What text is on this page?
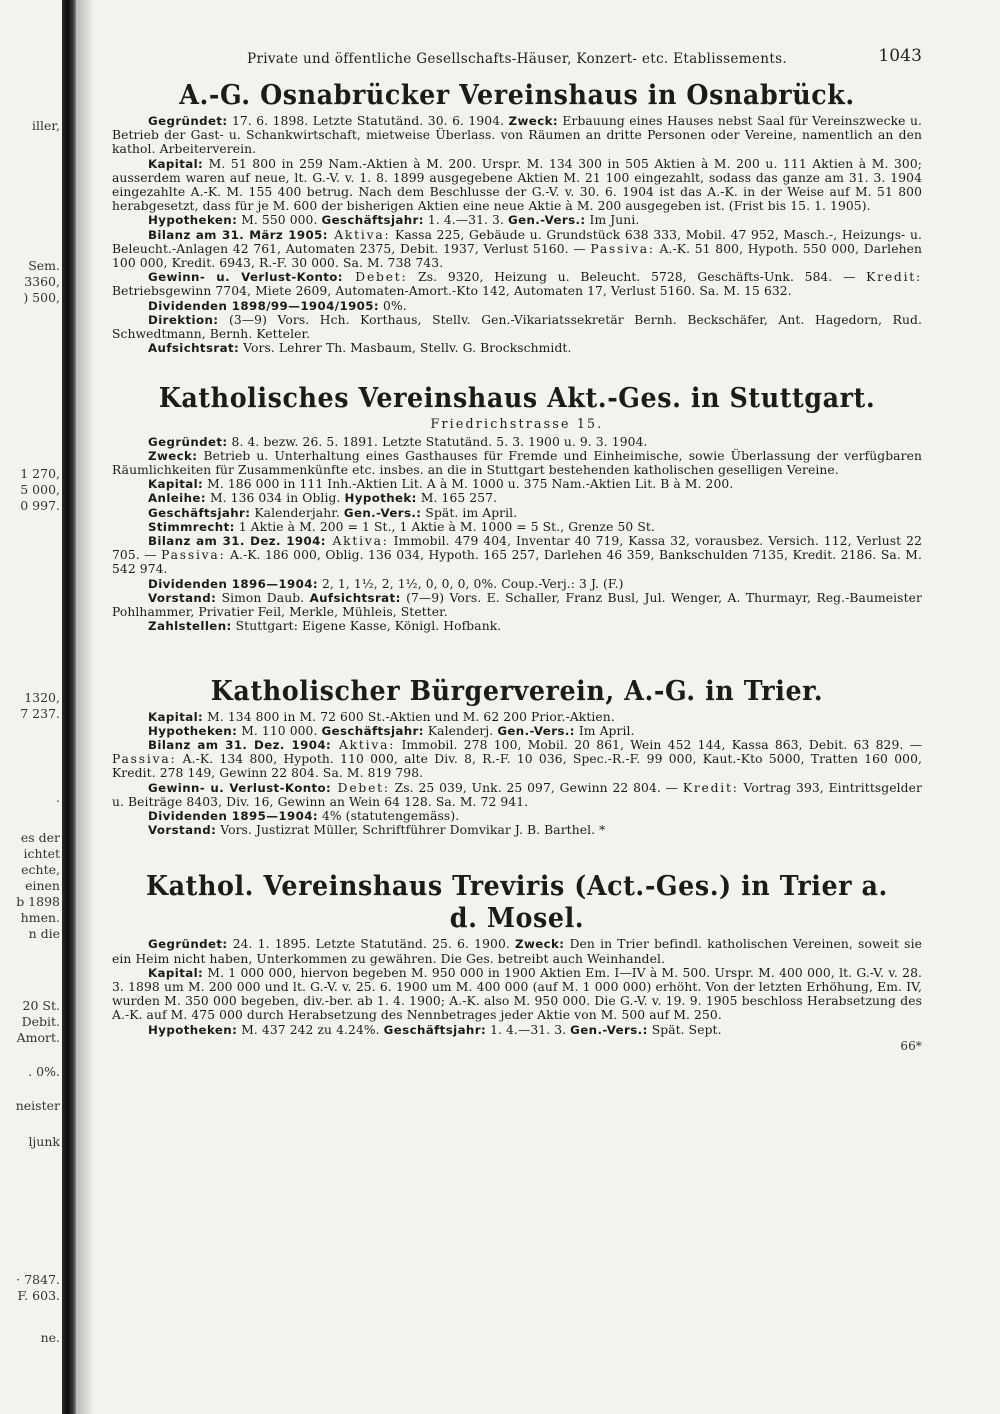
iller,
Sem.
3360,
) 500,
1 270,
5 000,
0 997.
1320,
7 237.
.
es der
ichtet
echte,
einen
b 1898
hmen.
n die
20 St.
Debit.
Amort.
. 0%.
neister
ljunk
· 7847.
F. 603.
ne.
Private und öffentliche Gesellschafts-Häuser, Konzert- etc. Etablissements.	1043
A.-G. Osnabrücker Vereinshaus in Osnabrück.

Gegründet: 17. 6. 1898. Letzte Statutänd. 30. 6. 1904. Zweck: Erbauung eines Hauses nebst Saal für Vereinszwecke u. Betrieb der Gast- u. Schankwirtschaft, mietweise Überlass. von Räumen an dritte Personen oder Vereine, namentlich an den kathol. Arbeiterverein.

Kapital: M. 51 800 in 259 Nam.-Aktien à M. 200. Urspr. M. 134 300 in 505 Aktien à M. 200 u. 111 Aktien à M. 300; ausserdem waren auf neue, lt. G.-V. v. 1. 8. 1899 ausgegebene Aktien M. 21 100 eingezahlt, sodass das ganze am 31. 3. 1904 eingezahlte A.-K. M. 155 400 betrug. Nach dem Beschlusse der G.-V. v. 30. 6. 1904 ist das A.-K. in der Weise auf M. 51 800 herabgesetzt, dass für je M. 600 der bisherigen Aktien eine neue Aktie à M. 200 ausgegeben ist. (Frist bis 15. 1. 1905).

Hypotheken: M. 550 000. Geschäftsjahr: 1. 4.—31. 3. Gen.-Vers.: Im Juni.

Bilanz am 31. März 1905: Aktiva: Kassa 225, Gebäude u. Grundstück 638 333, Mobil. 47 952, Masch.-, Heizungs- u. Beleucht.-Anlagen 42 761, Automaten 2375, Debit. 1937, Verlust 5160. — Passiva: A.-K. 51 800, Hypoth. 550 000, Darlehen 100 000, Kredit. 6943, R.-F. 30 000. Sa. M. 738 743.

Gewinn- u. Verlust-Konto: Debet: Zs. 9320, Heizung u. Beleucht. 5728, Geschäfts-Unk. 584. — Kredit: Betriebsgewinn 7704, Miete 2609, Automaten-Amort.-Kto 142, Automaten 17, Verlust 5160. Sa. M. 15 632.

Dividenden 1898/99—1904/1905: 0%.

Direktion: (3—9) Vors. Hch. Korthaus, Stellv. Gen.-Vikariatssekretär Bernh. Beckschäfer, Ant. Hagedorn, Rud. Schwedtmann, Bernh. Ketteler.

Aufsichtsrat: Vors. Lehrer Th. Masbaum, Stellv. G. Brockschmidt.

Katholisches Vereinshaus Akt.-Ges. in Stuttgart.
Friedrichstrasse 15.

Gegründet: 8. 4. bezw. 26. 5. 1891. Letzte Statutänd. 5. 3. 1900 u. 9. 3. 1904.

Zweck: Betrieb u. Unterhaltung eines Gasthauses für Fremde und Einheimische, sowie Überlassung der verfügbaren Räumlichkeiten für Zusammenkünfte etc. insbes. an die in Stuttgart bestehenden katholischen geselligen Vereine.

Kapital: M. 186 000 in 111 Inh.-Aktien Lit. A à M. 1000 u. 375 Nam.-Aktien Lit. B à M. 200.

Anleihe: M. 136 034 in Oblig. Hypothek: M. 165 257.

Geschäftsjahr: Kalenderjahr. Gen.-Vers.: Spät. im April.

Stimmrecht: 1 Aktie à M. 200 = 1 St., 1 Aktie à M. 1000 = 5 St., Grenze 50 St.

Bilanz am 31. Dez. 1904: Aktiva: Immobil. 479 404, Inventar 40 719, Kassa 32, vorausbez. Versich. 112, Verlust 22 705. — Passiva: A.-K. 186 000, Oblig. 136 034, Hypoth. 165 257, Darlehen 46 359, Bankschulden 7135, Kredit. 2186. Sa. M. 542 974.

Dividenden 1896—1904: 2, 1, 1½, 2, 1½, 0, 0, 0, 0%. Coup.-Verj.: 3 J. (F.)

Vorstand: Simon Daub. Aufsichtsrat: (7—9) Vors. E. Schaller, Franz Busl, Jul. Wenger, A. Thurmayr, Reg.-Baumeister Pohlhammer, Privatier Feil, Merkle, Mühleis, Stetter.

Zahlstellen: Stuttgart: Eigene Kasse, Königl. Hofbank.

Katholischer Bürgerverein, A.-G. in Trier.

Kapital: M. 134 800 in M. 72 600 St.-Aktien und M. 62 200 Prior.-Aktien.

Hypotheken: M. 110 000. Geschäftsjahr: Kalenderj. Gen.-Vers.: Im April.

Bilanz am 31. Dez. 1904: Aktiva: Immobil. 278 100, Mobil. 20 861, Wein 452 144, Kassa 863, Debit. 63 829. — Passiva: A.-K. 134 800, Hypoth. 110 000, alte Div. 8, R.-F. 10 036, Spec.-R.-F. 99 000, Kaut.-Kto 5000, Tratten 160 000, Kredit. 278 149, Gewinn 22 804. Sa. M. 819 798.

Gewinn- u. Verlust-Konto: Debet: Zs. 25 039, Unk. 25 097, Gewinn 22 804. — Kredit: Vortrag 393, Eintrittsgelder u. Beiträge 8403, Div. 16, Gewinn an Wein 64 128. Sa. M. 72 941.

Dividenden 1895—1904: 4% (statutengemäss).

Vorstand: Vors. Justizrat Müller, Schriftführer Domvikar J. B. Barthel. *

Kathol. Vereinshaus Treviris (Act.-Ges.) in Trier a. d. Mosel.

Gegründet: 24. 1. 1895. Letzte Statutänd. 25. 6. 1900. Zweck: Den in Trier befindl. katholischen Vereinen, soweit sie ein Heim nicht haben, Unterkommen zu gewähren. Die Ges. betreibt auch Weinhandel.

Kapital: M. 1 000 000, hiervon begeben M. 950 000 in 1900 Aktien Em. I—IV à M. 500. Urspr. M. 400 000, lt. G.-V. v. 28. 3. 1898 um M. 200 000 und lt. G.-V. v. 25. 6. 1900 um M. 400 000 (auf M. 1 000 000) erhöht. Von der letzten Erhöhung, Em. IV, wurden M. 350 000 begeben, div.-ber. ab 1. 4. 1900; A.-K. also M. 950 000. Die G.-V. v. 19. 9. 1905 beschloss Herabsetzung des A.-K. auf M. 475 000 durch Herabsetzung des Nennbetrages jeder Aktie von M. 500 auf M. 250.

Hypotheken: M. 437 242 zu 4.24%. Geschäftsjahr: 1. 4.—31. 3. Gen.-Vers.: Spät. Sept.

66*
